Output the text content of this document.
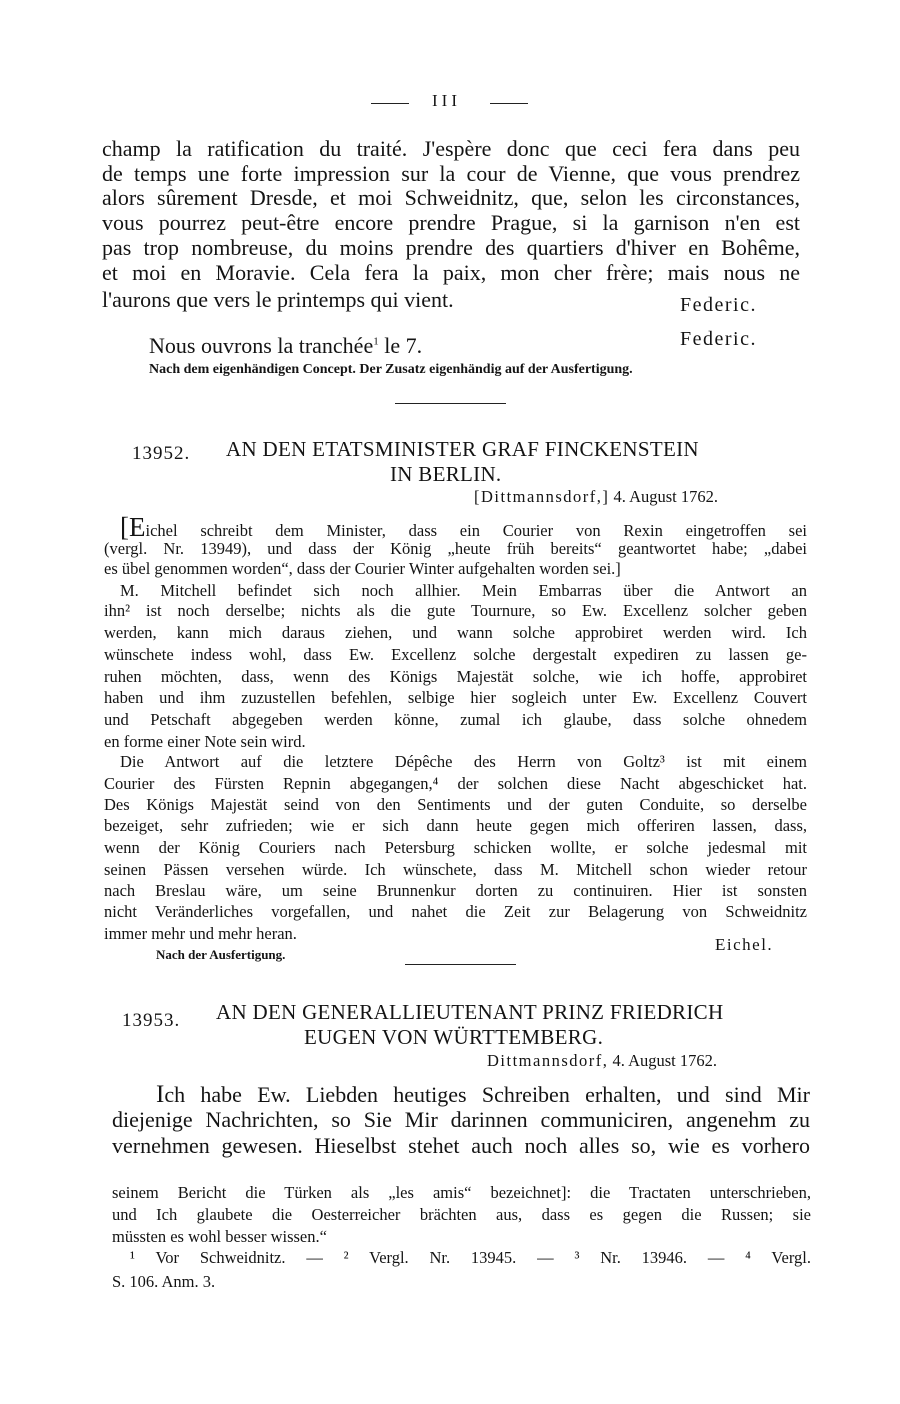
III
champ la ratification du traité. J'espère donc que ceci fera dans peu
de temps une forte impression sur la cour de Vienne, que vous prendrez
alors sûrement Dresde, et moi Schweidnitz, que, selon les circonstances,
vous pourrez peut-être encore prendre Prague, si la garnison n'en est
pas trop nombreuse, du moins prendre des quartiers d'hiver en Bohême,
et moi en Moravie. Cela fera la paix, mon cher frère; mais nous ne
l'aurons que vers le printemps qui vient.	Federic.
Nous ouvrons la tranchée$^1$ le 7.	Federic.
Nach dem eigenhändigen Concept. Der Zusatz eigenhändig auf der Ausfertigung.
13952. AN DEN ETATSMINISTER GRAF FINCKENSTEIN
IN BERLIN.
[Dittmannsdorf,] 4. August 1762.
[Eichel schreibt dem Minister, dass ein Courier von Rexin eingetroffen sei
(vergl. Nr. 13949), und dass der König „heute früh bereits“ geantwortet habe; „dabei
es übel genommen worden“, dass der Courier Winter aufgehalten worden sei.]
M. Mitchell befindet sich noch allhier. Mein Embarras über die Antwort an
ihn² ist noch derselbe; nichts als die gute Tournure, so Ew. Excellenz solcher geben
werden, kann mich daraus ziehen, und wann solche approbiret werden wird. Ich
wünschete indess wohl, dass Ew. Excellenz solche dergestalt expediren zu lassen ge-
ruhen möchten, dass, wenn des Königs Majestät solche, wie ich hoffe, approbiret
haben und ihm zuzustellen befehlen, selbige hier sogleich unter Ew. Excellenz Couvert
und Petschaft abgegeben werden könne, zumal ich glaube, dass solche ohnedem
en forme einer Note sein wird.
Die Antwort auf die letztere Dépêche des Herrn von Goltz³ ist mit einem
Courier des Fürsten Repnin abgegangen,⁴ der solchen diese Nacht abgeschicket hat.
Des Königs Majestät seind von den Sentiments und der guten Conduite, so derselbe
bezeiget, sehr zufrieden; wie er sich dann heute gegen mich offeriren lassen, dass,
wenn der König Couriers nach Petersburg schicken wollte, er solche jedesmal mit
seinen Pässen versehen würde. Ich wünschete, dass M. Mitchell schon wieder retour
nach Breslau wäre, um seine Brunnenkur dorten zu continuiren. Hier ist sonsten
nicht Veränderliches vorgefallen, und nahet die Zeit zur Belagerung von Schweidnitz
immer mehr und mehr heran.
Eichel.
Nach der Ausfertigung.
13953. AN DEN GENERALLIEUTENANT PRINZ FRIEDRICH
EUGEN VON WÜRTTEMBERG.
Dittmannsdorf, 4. August 1762.
Ich habe Ew. Liebden heutiges Schreiben erhalten, und sind Mir
diejenige Nachrichten, so Sie Mir darinnen communiciren, angenehm zu
vernehmen gewesen. Hieselbst stehet auch noch alles so, wie es vorhero
seinem Bericht die Türken als „les amis“ bezeichnet]: die Tractaten unterschrieben,
und Ich glaubete die Oesterreicher brächten aus, dass es gegen die Russen; sie
müssten es wohl besser wissen.“
¹ Vor Schweidnitz. — ² Vergl. Nr. 13945. — ³ Nr. 13946. — ⁴ Vergl.
S. 106. Anm. 3.
